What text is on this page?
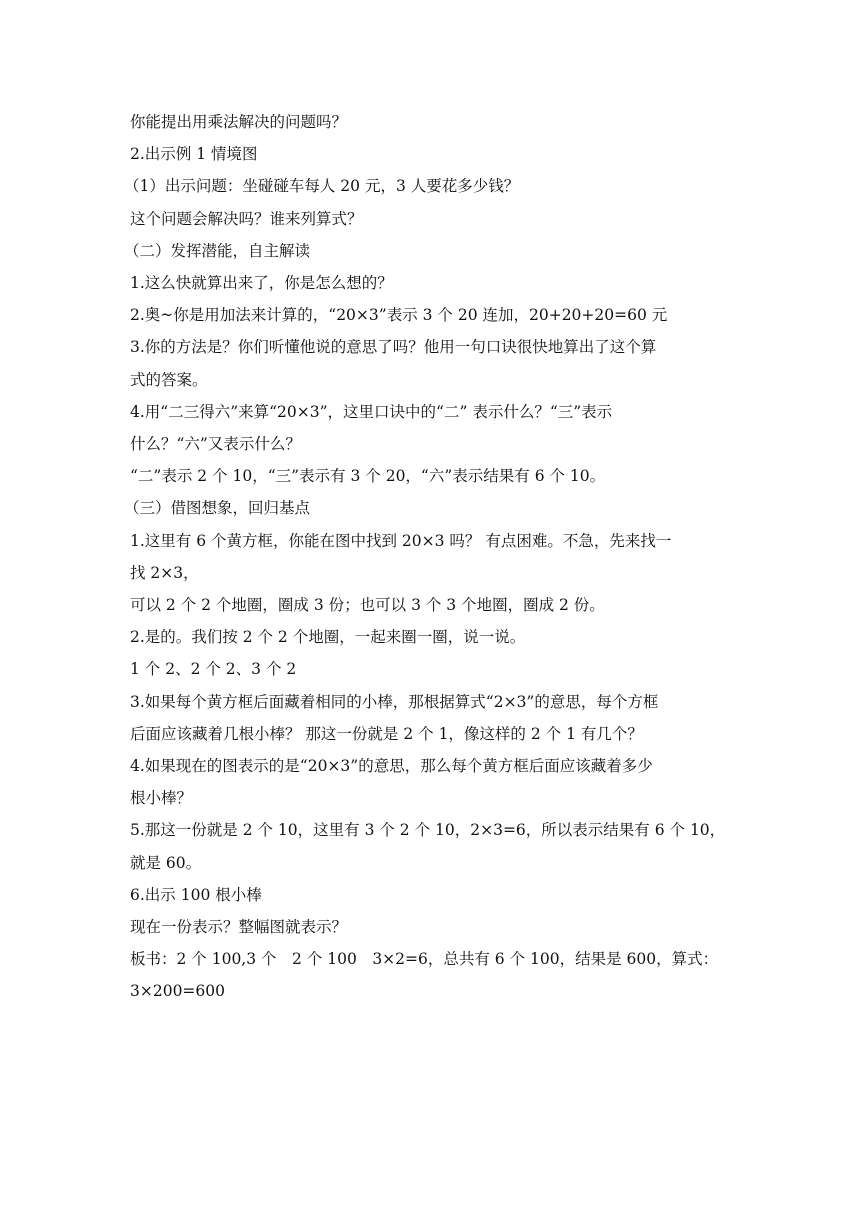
你能提出用乘法解决的问题吗？
2.出示例 1 情境图
（1）出示问题：坐碰碰车每人 20 元，3 人要花多少钱？
这个问题会解决吗？谁来列算式？
（二）发挥潜能，自主解读
1.这么快就算出来了，你是怎么想的？
2.奥~你是用加法来计算的，“20×3”表示 3 个 20 连加，20+20+20=60 元
3.你的方法是？你们听懂他说的意思了吗？他用一句口诀很快地算出了这个算
式的答案。
4.用“二三得六”来算“20×3”，这里口诀中的“二” 表示什么？“三”表示
什么？“六”又表示什么？
“二”表示 2 个 10，“三”表示有 3 个 20，“六”表示结果有 6 个 10。
（三）借图想象，回归基点
1.这里有 6 个黄方框，你能在图中找到 20×3 吗？ 有点困难。不急，先来找一
找 2×3，
可以 2 个 2 个地圈，圈成 3 份；也可以 3 个 3 个地圈，圈成 2 份。
2.是的。我们按 2 个 2 个地圈，一起来圈一圈，说一说。
1 个 2、2 个 2、3 个 2
3.如果每个黄方框后面藏着相同的小棒，那根据算式“2×3”的意思，每个方框
后面应该藏着几根小棒？ 那这一份就是 2 个 1，像这样的 2 个 1 有几个？
4.如果现在的图表示的是“20×3”的意思，那么每个黄方框后面应该藏着多少
根小棒？
5.那这一份就是 2 个 10，这里有 3 个 2 个 10，2×3=6，所以表示结果有 6 个 10，
就是 60。
6.出示 100 根小棒
现在一份表示？整幅图就表示？
板书：2 个 100,3 个　2 个 100　3×2=6，总共有 6 个 100，结果是 600，算式：
3×200=600
